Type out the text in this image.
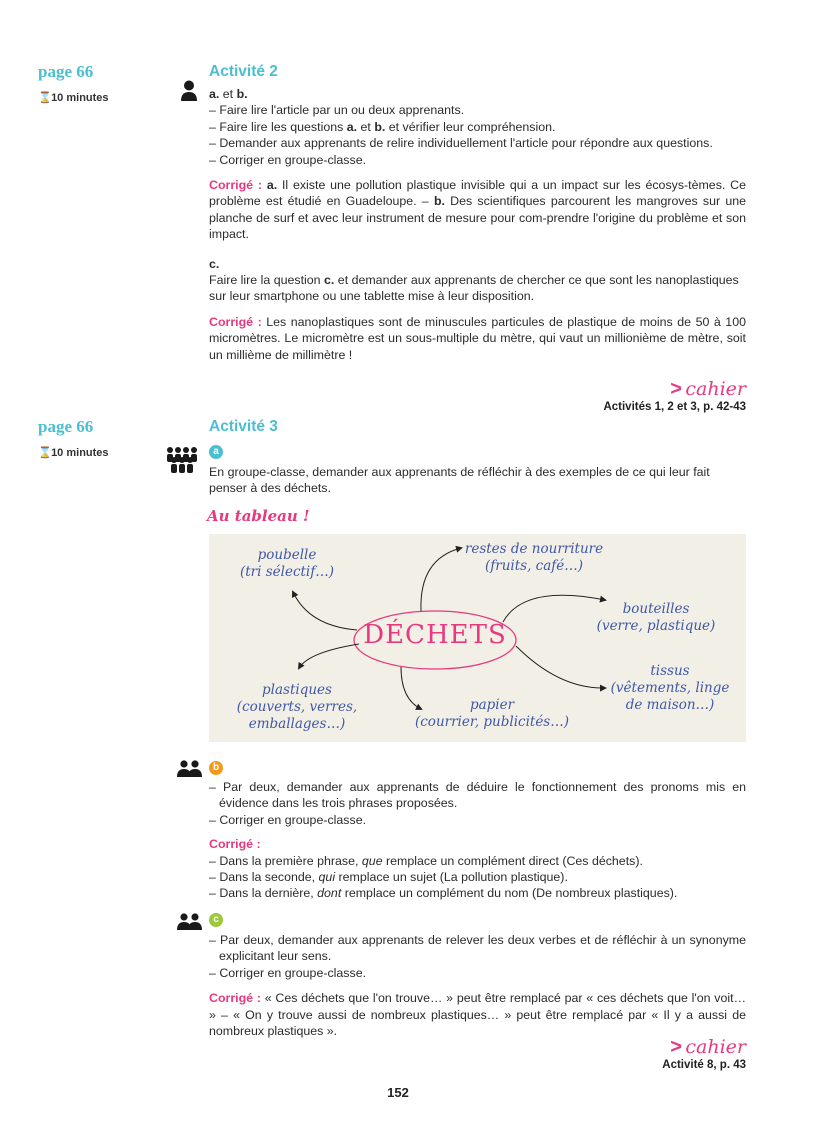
page 66
⌛ 10 minutes
Activité 2

a. et b.

– Faire lire l'article par un ou deux apprenants.

– Faire lire les questions a. et b. et vérifier leur compréhension.

– Demander aux apprenants de relire individuellement l'article pour répondre aux questions.

– Corriger en groupe-classe.

Corrigé : a. Il existe une pollution plastique invisible qui a un impact sur les écosys-tèmes. Ce problème est étudié en Guadeloupe. – b. Des scientifiques parcourent les mangroves sur une planche de surf et avec leur instrument de mesure pour com-prendre l'origine du problème et son impact.

c.

Faire lire la question c. et demander aux apprenants de chercher ce que sont les nanoplastiques sur leur smartphone ou une tablette mise à leur disposition.

Corrigé : Les nanoplastiques sont de minuscules particules de plastique de moins de 50 à 100 micromètres. Le micromètre est un sous-multiple du mètre, qui vaut un millionième de mètre, soit un millième de millimètre !

> cahier
Activités 1, 2 et 3, p. 42-43
page 66
⌛ 10 minutes
Activité 3
a
En groupe-classe, demander aux apprenants de réfléchir à des exemples de ce qui leur fait penser à des déchets.
Au tableau !
DÉCHETS
poubelle
(tri sélectif…)
restes de nourriture
(fruits, café…)
bouteilles
(verre, plastique)
tissus
(vêtements, linge
de maison…)
papier
(courrier, publicités…)
plastiques
(couverts, verres,
emballages…)
b

– Par deux, demander aux apprenants de déduire le fonctionnement des pronoms mis en évidence dans les trois phrases proposées.

– Corriger en groupe-classe.

Corrigé :

– Dans la première phrase, que remplace un complément direct (Ces déchets).

– Dans la seconde, qui remplace un sujet (La pollution plastique).

– Dans la dernière, dont remplace un complément du nom (De nombreux plastiques).

c

– Par deux, demander aux apprenants de relever les deux verbes et de réfléchir à un synonyme explicitant leur sens.

– Corriger en groupe-classe.

Corrigé : « Ces déchets que l'on trouve… » peut être remplacé par « ces déchets que l'on voit… » – « On y trouve aussi de nombreux plastiques… » peut être remplacé par « Il y a aussi de nombreux plastiques ».

> cahier
Activité 8, p. 43
152
